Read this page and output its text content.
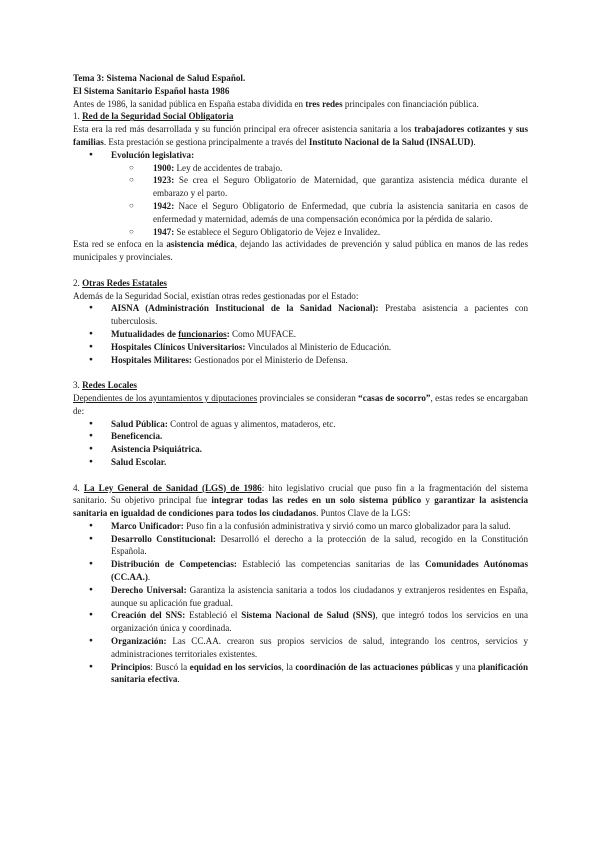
Tema 3: Sistema Nacional de Salud Español.

El Sistema Sanitario Español hasta 1986

Antes de 1986, la sanidad pública en España estaba dividida en tres redes principales con financiación pública.

1. Red de la Seguridad Social Obligatoria

Esta era la red más desarrollada y su función principal era ofrecer asistencia sanitaria a los trabajadores cotizantes y sus familias. Esta prestación se gestiona principalmente a través del Instituto Nacional de la Salud (INSALUD).

● Evolución legislativa:
○ 1900: Ley de accidentes de trabajo.
○ 1923: Se crea el Seguro Obligatorio de Maternidad, que garantiza asistencia médica durante el embarazo y el parto.
○ 1942: Nace el Seguro Obligatorio de Enfermedad, que cubría la asistencia sanitaria en casos de enfermedad y maternidad, además de una compensación económica por la pérdida de salario.
○ 1947: Se establece el Seguro Obligatorio de Vejez e Invalidez.

Esta red se enfoca en la asistencia médica, dejando las actividades de prevención y salud pública en manos de las redes municipales y provinciales.

2. Otras Redes Estatales

Además de la Seguridad Social, existían otras redes gestionadas por el Estado:

● AISNA (Administración Institucional de la Sanidad Nacional): Prestaba asistencia a pacientes con tuberculosis.
● Mutualidades de funcionarios: Como MUFACE.
● Hospitales Clínicos Universitarios: Vinculados al Ministerio de Educación.
● Hospitales Militares: Gestionados por el Ministerio de Defensa.

3. Redes Locales

Dependientes de los ayuntamientos y diputaciones provinciales se consideran “casas de socorro”, estas redes se encargaban de:

● Salud Pública: Control de aguas y alimentos, mataderos, etc.
● Beneficencia.
● Asistencia Psiquiátrica.
● Salud Escolar.

4. La Ley General de Sanidad (LGS) de 1986: hito legislativo crucial que puso fin a la fragmentación del sistema sanitario. Su objetivo principal fue integrar todas las redes en un solo sistema público y garantizar la asistencia sanitaria en igualdad de condiciones para todos los ciudadanos. Puntos Clave de la LGS:

● Marco Unificador: Puso fin a la confusión administrativa y sirvió como un marco globalizador para la salud.
● Desarrollo Constitucional: Desarrolló el derecho a la protección de la salud, recogido en la Constitución Española.
● Distribución de Competencias: Estableció las competencias sanitarias de las Comunidades Autónomas (CC.AA.).
● Derecho Universal: Garantiza la asistencia sanitaria a todos los ciudadanos y extranjeros residentes en España, aunque su aplicación fue gradual.
● Creación del SNS: Estableció el Sistema Nacional de Salud (SNS), que integró todos los servicios en una organización única y coordinada.
● Organización: Las CC.AA. crearon sus propios servicios de salud, integrando los centros, servicios y administraciones territoriales existentes.
● Principios: Buscó la equidad en los servicios, la coordinación de las actuaciones públicas y una planificación sanitaria efectiva.
